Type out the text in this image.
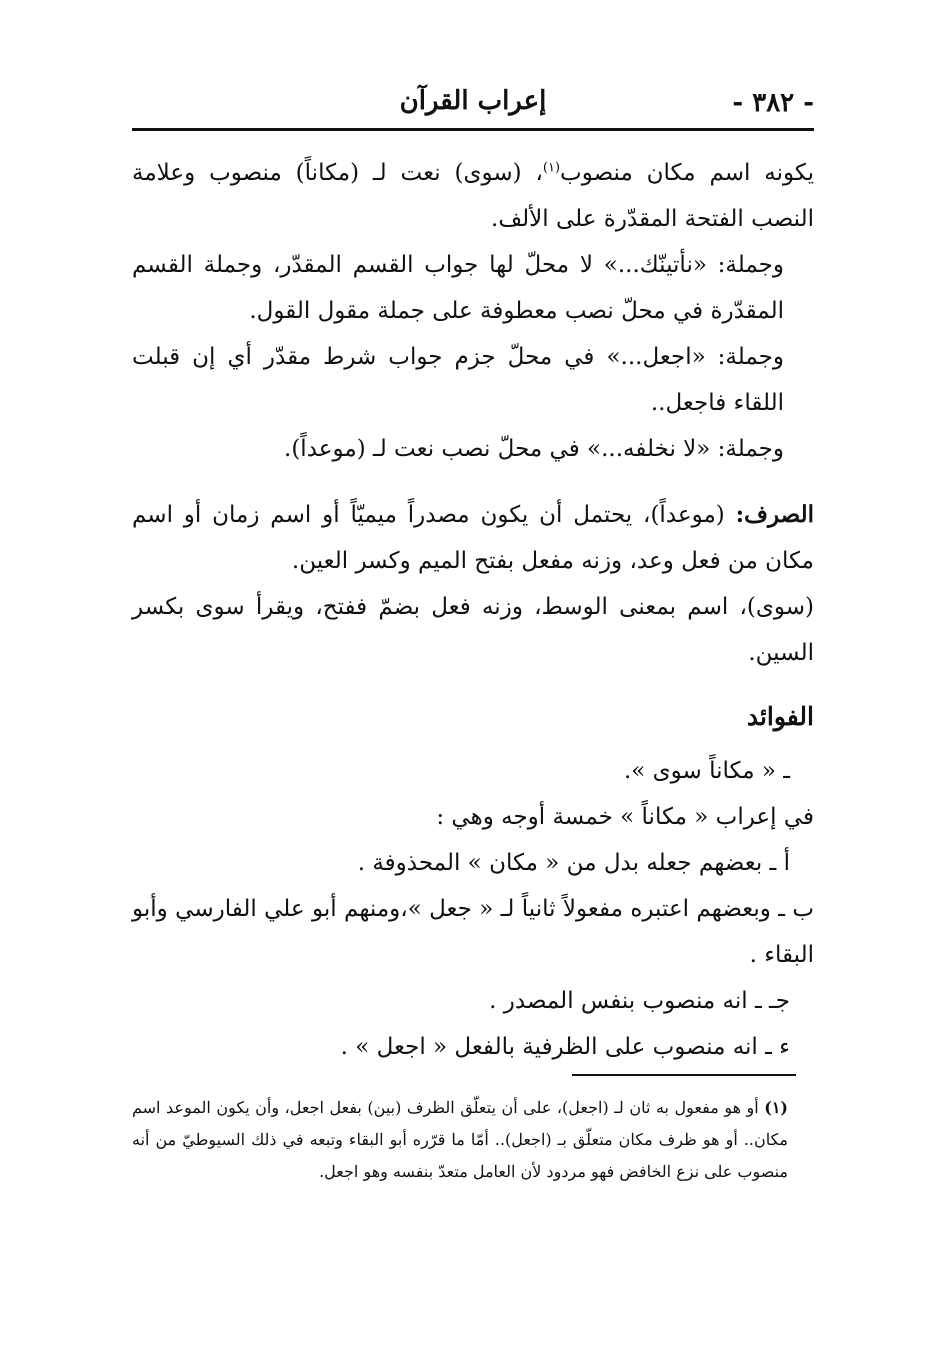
- ٣٨٢ -
إعراب القرآن

يكونه اسم مكان منصوب$^{(١)}$، (سوى) نعت لـ (مكاناً) منصوب وعلامة النصب الفتحة المقدّرة على الألف.

وجملة: «نأتينّك...» لا محلّ لها جواب القسم المقدّر، وجملة القسم المقدّرة في محلّ نصب معطوفة على جملة مقول القول.

وجملة: «اجعل...» في محلّ جزم جواب شرط مقدّر أي إن قبلت اللقاء فاجعل..

وجملة: «لا نخلفه...» في محلّ نصب نعت لـ (موعداً).

الصرف: (موعداً)، يحتمل أن يكون مصدراً ميميّاً أو اسم زمان أو اسم مكان من فعل وعد، وزنه مفعل بفتح الميم وكسر العين.

(سوى)، اسم بمعنى الوسط، وزنه فعل بضمّ ففتح، ويقرأ سوى بكسر السين.

الفوائد

ـ « مكاناً سوى ».

في إعراب « مكاناً » خمسة أوجه وهي :

أ ـ بعضهم جعله بدل من « مكان » المحذوفة .

ب ـ وبعضهم اعتبره مفعولاً ثانياً لـ « جعل »،ومنهم أبو علي الفارسي وأبو البقاء .

جـ ـ انه منصوب بنفس المصدر .

ء ـ انه منصوب على الظرفية بالفعل « اجعل » .

(١) أو هو مفعول به ثان لـ (اجعل)، على أن يتعلّق الظرف (بين) بفعل اجعل، وأن يكون الموعد اسم مكان.. أو هو ظرف مكان متعلّق بـ (اجعل).. أمّا ما قرّره أبو البقاء وتبعه في ذلك السيوطيّ من أنه منصوب على نزع الخافض فهو مردود لأن العامل متعدّ بنفسه وهو اجعل.
